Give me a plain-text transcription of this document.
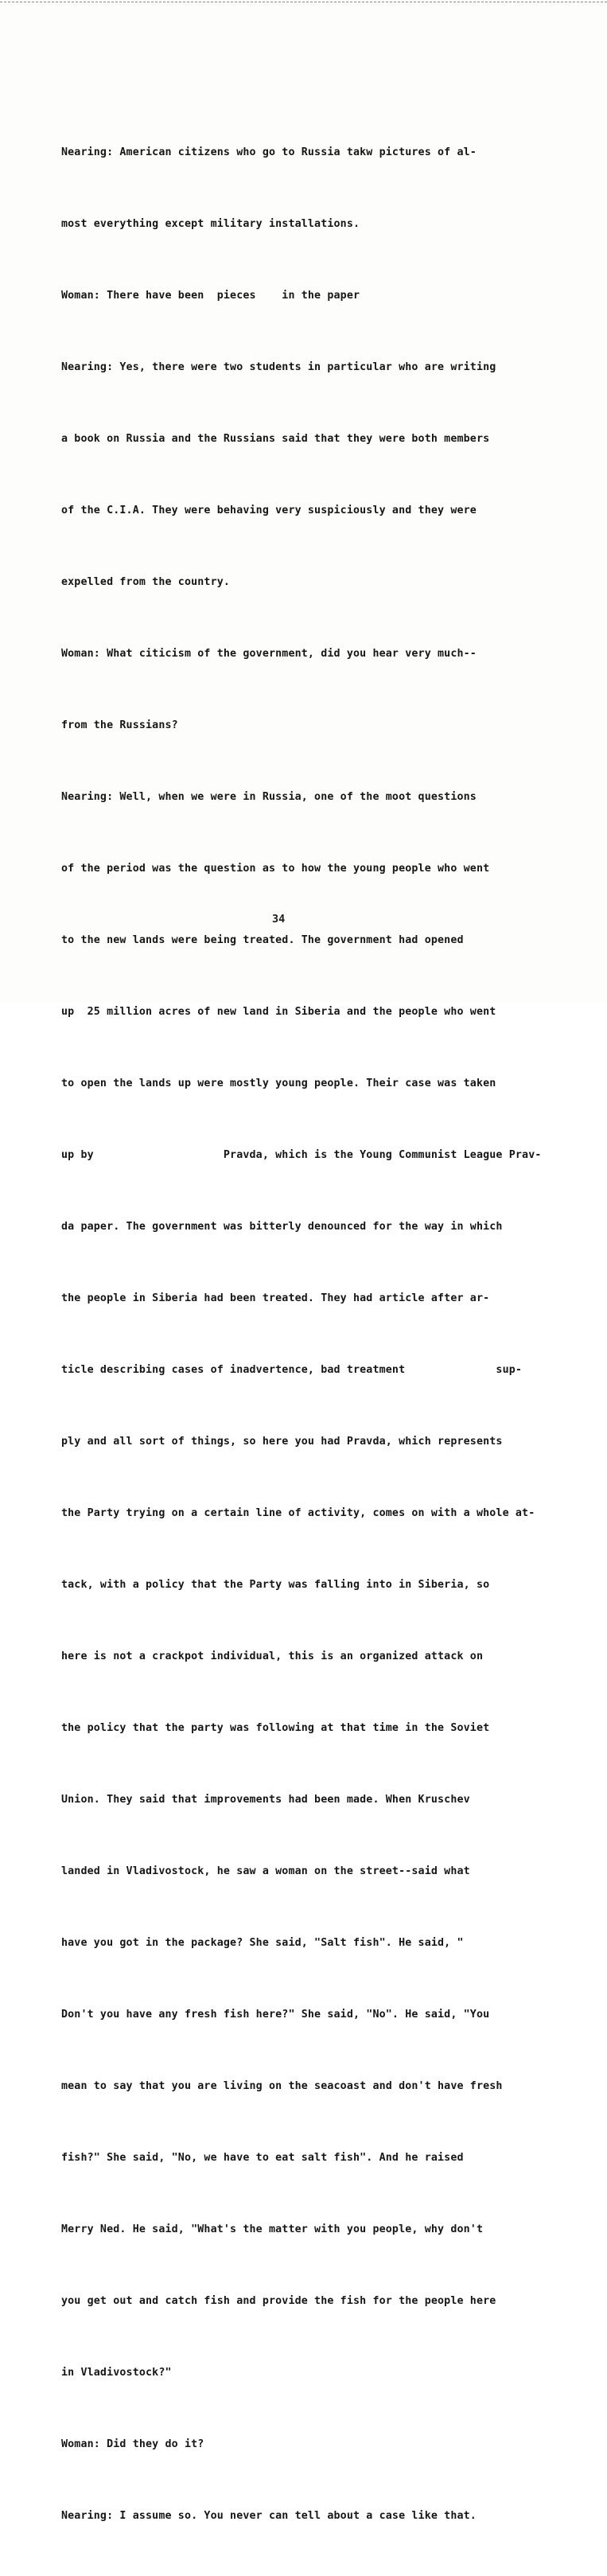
Nearing: American citizens who go to Russia takw pictures of al-

most everything except military installations.

Woman: There have been  pieces    in the paper

Nearing: Yes, there were two students in particular who are writing

a book on Russia and the Russians said that they were both members

of the C.I.A. They were behaving very suspiciously and they were

expelled from the country.

Woman: What citicism of the government, did you hear very much--

from the Russians?

Nearing: Well, when we were in Russia, one of the moot questions

of the period was the question as to how the young people who went

to the new lands were being treated. The government had opened

up  25 million acres of new land in Siberia and the people who went

to open the lands up were mostly young people. Their case was taken

up by                    Pravda, which is the Young Communist League Prav-

da paper. The government was bitterly denounced for the way in which

the people in Siberia had been treated. They had article after ar-

ticle describing cases of inadvertence, bad treatment              sup-

ply and all sort of things, so here you had Pravda, which represents

the Party trying on a certain line of activity, comes on with a whole at-

tack, with a policy that the Party was falling into in Siberia, so

here is not a crackpot individual, this is an organized attack on

the policy that the party was following at that time in the Soviet

Union. They said that improvements had been made. When Kruschev

landed in Vladivostock, he saw a woman on the street--said what

have you got in the package? She said, "Salt fish". He said, "

Don't you have any fresh fish here?" She said, "No". He said, "You

mean to say that you are living on the seacoast and don't have fresh

fish?" She said, "No, we have to eat salt fish". And he raised

Merry Ned. He said, "What's the matter with you people, why don't

you get out and catch fish and provide the fish for the people here

in Vladivostock?"

Woman: Did they do it?

Nearing: I assume so. You never can tell about a case like that.

34
